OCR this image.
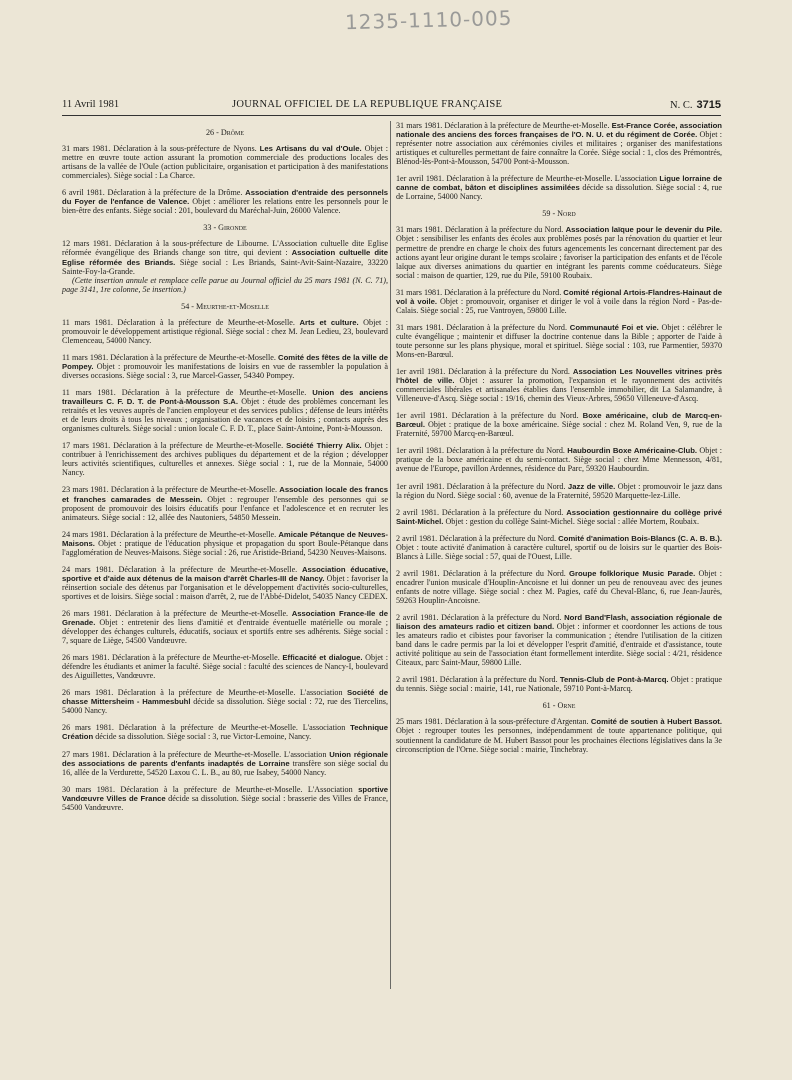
1235-1110-005
11 Avril 1981	JOURNAL OFFICIEL DE LA REPUBLIQUE FRANÇAISE	N. C. 3715
26 - Drôme

31 mars 1981. Déclaration à la sous-préfecture de Nyons. Les Artisans du val d'Oule. Objet : mettre en œuvre toute action assurant la promotion commerciale des productions locales des artisans de la vallée de l'Oule (action publicitaire, organisation et participation à des manifestations commerciales). Siège social : La Charce.

6 avril 1981. Déclaration à la préfecture de la Drôme. Association d'entraide des personnels du Foyer de l'enfance de Valence. Objet : améliorer les relations entre les personnels pour le bien-être des enfants. Siège social : 201, boulevard du Maréchal-Juin, 26000 Valence.

33 - Gironde

12 mars 1981. Déclaration à la sous-préfecture de Libourne. L'Association cultuelle dite Eglise réformée évangélique des Briands change son titre, qui devient : Association cultuelle dite Eglise réformée des Briands. Siège social : Les Briands, Saint-Avit-Saint-Nazaire, 33220 Sainte-Foy-la-Grande.

(Cette insertion annule et remplace celle parue au Journal officiel du 25 mars 1981 (N. C. 71), page 3141, 1re colonne, 5e insertion.)

54 - Meurthe-et-Moselle

11 mars 1981. Déclaration à la préfecture de Meurthe-et-Moselle. Arts et culture. Objet : promouvoir le développement artistique régional. Siège social : chez M. Jean Ledieu, 23, boulevard Clemenceau, 54000 Nancy.

11 mars 1981. Déclaration à la préfecture de Meurthe-et-Moselle. Comité des fêtes de la ville de Pompey. Objet : promouvoir les manifestations de loisirs en vue de rassembler la population à diverses occasions. Siège social : 3, rue Marcel-Gasser, 54340 Pompey.

11 mars 1981. Déclaration à la préfecture de Meurthe-et-Moselle. Union des anciens travailleurs C. F. D. T. de Pont-à-Mousson S.A. Objet : étude des problèmes concernant les retraités et les veuves auprès de l'ancien employeur et des services publics ; défense de leurs intérêts et de leurs droits à tous les niveaux ; organisation de vacances et de loisirs ; contacts auprès des organismes culturels. Siège social : union locale C. F. D. T., place Saint-Antoine, Pont-à-Mousson.

17 mars 1981. Déclaration à la préfecture de Meurthe-et-Moselle. Société Thierry Alix. Objet : contribuer à l'enrichissement des archives publiques du département et de la région ; développer leurs activités scientifiques, culturelles et annexes. Siège social : 1, rue de la Monnaie, 54000 Nancy.

23 mars 1981. Déclaration à la préfecture de Meurthe-et-Moselle. Association locale des francs et franches camarades de Messein. Objet : regrouper l'ensemble des personnes qui se proposent de promouvoir des loisirs éducatifs pour l'enfance et l'adolescence et en recruter les animateurs. Siège social : 12, allée des Nautoniers, 54850 Messein.

24 mars 1981. Déclaration à la préfecture de Meurthe-et-Moselle. Amicale Pétanque de Neuves-Maisons. Objet : pratique de l'éducation physique et propagation du sport Boule-Pétanque dans l'agglomération de Neuves-Maisons. Siège social : 26, rue Aristide-Briand, 54230 Neuves-Maisons.

24 mars 1981. Déclaration à la préfecture de Meurthe-et-Moselle. Association éducative, sportive et d'aide aux détenus de la maison d'arrêt Charles-III de Nancy. Objet : favoriser la réinsertion sociale des détenus par l'organisation et le développement d'activités socio-culturelles, sportives et de loisirs. Siège social : maison d'arrêt, 2, rue de l'Abbé-Didelot, 54035 Nancy CEDEX.

26 mars 1981. Déclaration à la préfecture de Meurthe-et-Moselle. Association France-Ile de Grenade. Objet : entretenir des liens d'amitié et d'entraide éventuelle matérielle ou morale ; développer des échanges culturels, éducatifs, sociaux et sportifs entre ses adhérents. Siège social : 7, square de Liège, 54500 Vandœuvre.

26 mars 1981. Déclaration à la préfecture de Meurthe-et-Moselle. Efficacité et dialogue. Objet : défendre les étudiants et animer la faculté. Siège social : faculté des sciences de Nancy-I, boulevard des Aiguillettes, Vandœuvre.

26 mars 1981. Déclaration à la préfecture de Meurthe-et-Moselle. L'association Société de chasse Mittersheim - Hammesbuhl décide sa dissolution. Siège social : 72, rue des Tiercelins, 54000 Nancy.

26 mars 1981. Déclaration à la préfecture de Meurthe-et-Moselle. L'association Technique Création décide sa dissolution. Siège social : 3, rue Victor-Lemoine, Nancy.

27 mars 1981. Déclaration à la préfecture de Meurthe-et-Moselle. L'association Union régionale des associations de parents d'enfants inadaptés de Lorraine transfère son siège social du 16, allée de la Verdurette, 54520 Laxou C. L. B., au 80, rue Isabey, 54000 Nancy.

30 mars 1981. Déclaration à la préfecture de Meurthe-et-Moselle. L'Association sportive Vandœuvre Villes de France décide sa dissolution. Siège social : brasserie des Villes de France, 54500 Vandœuvre.

31 mars 1981. Déclaration à la préfecture de Meurthe-et-Moselle. Est-France Corée, association nationale des anciens des forces françaises de l'O. N. U. et du régiment de Corée. Objet : représenter notre association aux cérémonies civiles et militaires ; organiser des manifestations artistiques et culturelles permettant de faire connaître la Corée. Siège social : 1, clos des Prémontrés, Blénod-lès-Pont-à-Mousson, 54700 Pont-à-Mousson.

1er avril 1981. Déclaration à la préfecture de Meurthe-et-Moselle. L'association Ligue lorraine de canne de combat, bâton et disciplines assimilées décide sa dissolution. Siège social : 4, rue de Lorraine, 54000 Nancy.

59 - Nord

31 mars 1981. Déclaration à la préfecture du Nord. Association laïque pour le devenir du Pile. Objet : sensibiliser les enfants des écoles aux problèmes posés par la rénovation du quartier et leur permettre de prendre en charge le choix des futurs agencements les concernant directement par des actions ayant leur origine durant le temps scolaire ; favoriser la participation des enfants et de l'école laïque aux diverses animations du quartier en intégrant les parents comme coéducateurs. Siège social : maison de quartier, 129, rue du Pile, 59100 Roubaix.

31 mars 1981. Déclaration à la préfecture du Nord. Comité régional Artois-Flandres-Hainaut de vol à voile. Objet : promouvoir, organiser et diriger le vol à voile dans la région Nord - Pas-de-Calais. Siège social : 25, rue Vantroyen, 59800 Lille.

31 mars 1981. Déclaration à la préfecture du Nord. Communauté Foi et vie. Objet : célébrer le culte évangélique ; maintenir et diffuser la doctrine contenue dans la Bible ; apporter de l'aide à toute personne sur les plans physique, moral et spirituel. Siège social : 103, rue Parmentier, 59370 Mons-en-Barœul.

1er avril 1981. Déclaration à la préfecture du Nord. Association Les Nouvelles vitrines près l'hôtel de ville. Objet : assurer la promotion, l'expansion et le rayonnement des activités commerciales libérales et artisanales établies dans l'ensemble immobilier, dit La Salamandre, à Villeneuve-d'Ascq. Siège social : 19/16, chemin des Vieux-Arbres, 59650 Villeneuve-d'Ascq.

1er avril 1981. Déclaration à la préfecture du Nord. Boxe américaine, club de Marcq-en-Barœul. Objet : pratique de la boxe américaine. Siège social : chez M. Roland Ven, 9, rue de la Fraternité, 59700 Marcq-en-Barœul.

1er avril 1981. Déclaration à la préfecture du Nord. Haubourdin Boxe Américaine-Club. Objet : pratique de la boxe américaine et du semi-contact. Siège social : chez Mme Mennesson, 4/81, avenue de l'Europe, pavillon Ardennes, résidence du Parc, 59320 Haubourdin.

1er avril 1981. Déclaration à la préfecture du Nord. Jazz de ville. Objet : promouvoir le jazz dans la région du Nord. Siège social : 60, avenue de la Fraternité, 59520 Marquette-lez-Lille.

2 avril 1981. Déclaration à la préfecture du Nord. Association gestionnaire du collège privé Saint-Michel. Objet : gestion du collège Saint-Michel. Siège social : allée Mortem, Roubaix.

2 avril 1981. Déclaration à la préfecture du Nord. Comité d'animation Bois-Blancs (C. A. B. B.). Objet : toute activité d'animation à caractère culturel, sportif ou de loisirs sur le quartier des Bois-Blancs à Lille. Siège social : 57, quai de l'Ouest, Lille.

2 avril 1981. Déclaration à la préfecture du Nord. Groupe folklorique Music Parade. Objet : encadrer l'union musicale d'Houplin-Ancoisne et lui donner un peu de renouveau avec des jeunes enfants de notre village. Siège social : chez M. Pagies, café du Cheval-Blanc, 6, rue Jean-Jaurès, 59263 Houplin-Ancoisne.

2 avril 1981. Déclaration à la préfecture du Nord. Nord Band'Flash, association régionale de liaison des amateurs radio et citizen band. Objet : informer et coordonner les actions de tous les amateurs radio et cibistes pour favoriser la communication ; étendre l'utilisation de la citizen band dans le cadre permis par la loi et développer l'esprit d'amitié, d'entraide et d'assistance, toute activité politique au sein de l'association étant formellement interdite. Siège social : 4/21, résidence Citeaux, parc Saint-Maur, 59800 Lille.

2 avril 1981. Déclaration à la préfecture du Nord. Tennis-Club de Pont-à-Marcq. Objet : pratique du tennis. Siège social : mairie, 141, rue Nationale, 59710 Pont-à-Marcq.

61 - Orne

25 mars 1981. Déclaration à la sous-préfecture d'Argentan. Comité de soutien à Hubert Bassot. Objet : regrouper toutes les personnes, indépendamment de toute appartenance politique, qui soutiennent la candidature de M. Hubert Bassot pour les prochaines élections législatives dans la 3e circonscription de l'Orne. Siège social : mairie, Tinchebray.
